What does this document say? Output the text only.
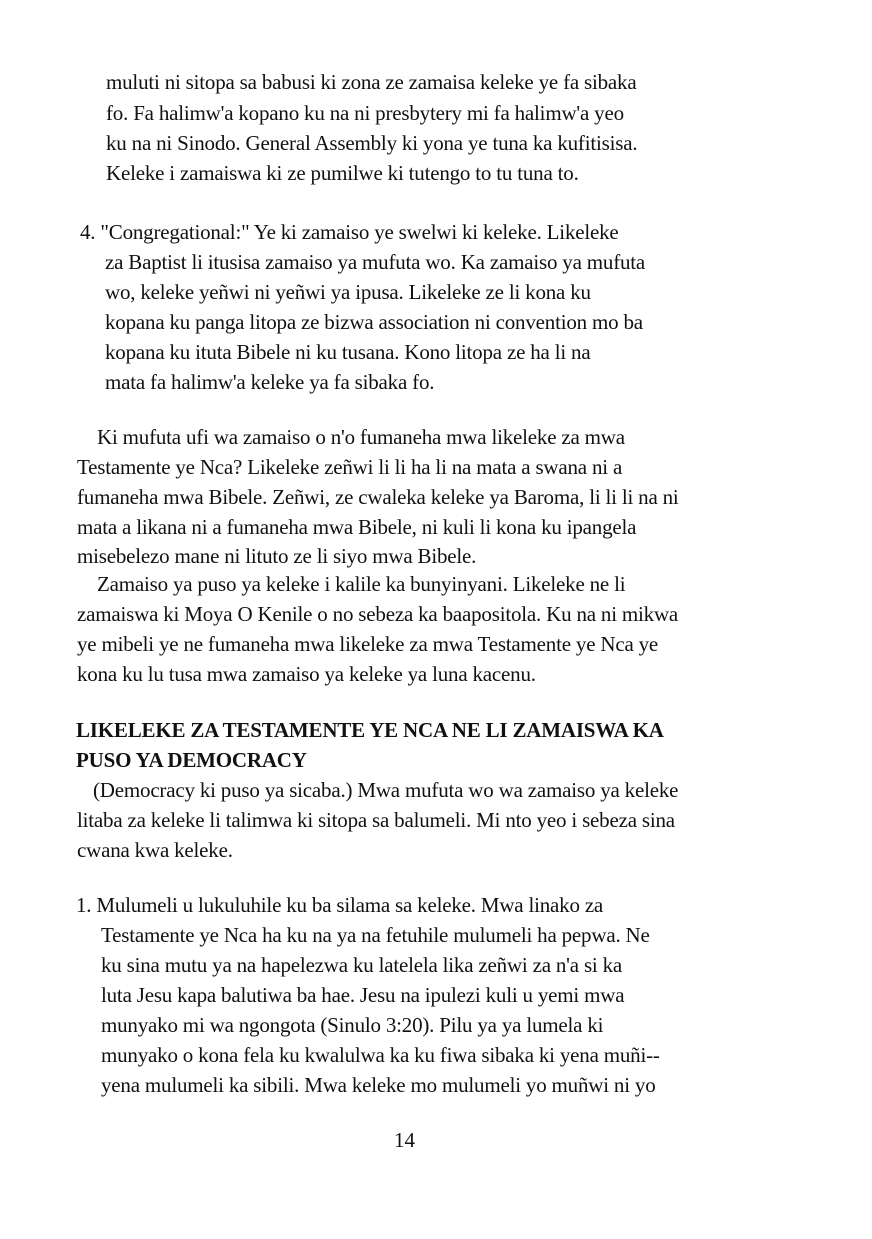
muluti ni sitopa sa babusi ki zona ze zamaisa keleke ye fa sibaka
fo. Fa halimw'a kopano ku na ni presbytery mi fa halimw'a yeo
ku na ni Sinodo. General Assembly ki yona ye tuna ka kufitisisa.
Keleke i zamaiswa ki ze pumilwe ki tutengo to tu tuna to.
4. "Congregational:" Ye ki zamaiso ye swelwi ki keleke. Likeleke
za Baptist li itusisa zamaiso ya mufuta wo. Ka zamaiso ya mufuta
wo, keleke yeñwi ni yeñwi ya ipusa. Likeleke ze li kona ku
kopana ku panga litopa ze bizwa association ni convention mo ba
kopana ku ituta Bibele ni ku tusana. Kono litopa ze ha li na
mata fa halimw'a keleke ya fa sibaka fo.
Ki mufuta ufi wa zamaiso o n'o fumaneha mwa likeleke za mwa
Testamente ye Nca? Likeleke zeñwi li li ha li na mata a swana ni a
fumaneha mwa Bibele. Zeñwi, ze cwaleka keleke ya Baroma, li li li na ni
mata a likana ni a fumaneha mwa Bibele, ni kuli li kona ku ipangela
misebelezo mane ni lituto ze li siyo mwa Bibele.
Zamaiso ya puso ya keleke i kalile ka bunyinyani. Likeleke ne li
zamaiswa ki Moya O Kenile o no sebeza ka baapositola. Ku na ni mikwa
ye mibeli ye ne fumaneha mwa likeleke za mwa Testamente ye Nca ye
kona ku lu tusa mwa zamaiso ya keleke ya luna kacenu.
LIKELEKE ZA TESTAMENTE YE NCA NE LI ZAMAISWA KA
PUSO YA DEMOCRACY
(Democracy ki puso ya sicaba.) Mwa mufuta wo wa zamaiso ya keleke
litaba za keleke li talimwa ki sitopa sa balumeli. Mi nto yeo i sebeza sina
cwana kwa keleke.
1. Mulumeli u lukuluhile ku ba silama sa keleke. Mwa linako za
Testamente ye Nca ha ku na ya na fetuhile mulumeli ha pepwa. Ne
ku sina mutu ya na hapelezwa ku latelela lika zeñwi za n'a si ka
luta Jesu kapa balutiwa ba hae. Jesu na ipulezi kuli u yemi mwa
munyako mi wa ngongota (Sinulo 3:20). Pilu ya ya lumela ki
munyako o kona fela ku kwalulwa ka ku fiwa sibaka ki yena muñi--
yena mulumeli ka sibili. Mwa keleke mo mulumeli yo muñwi ni yo
14
